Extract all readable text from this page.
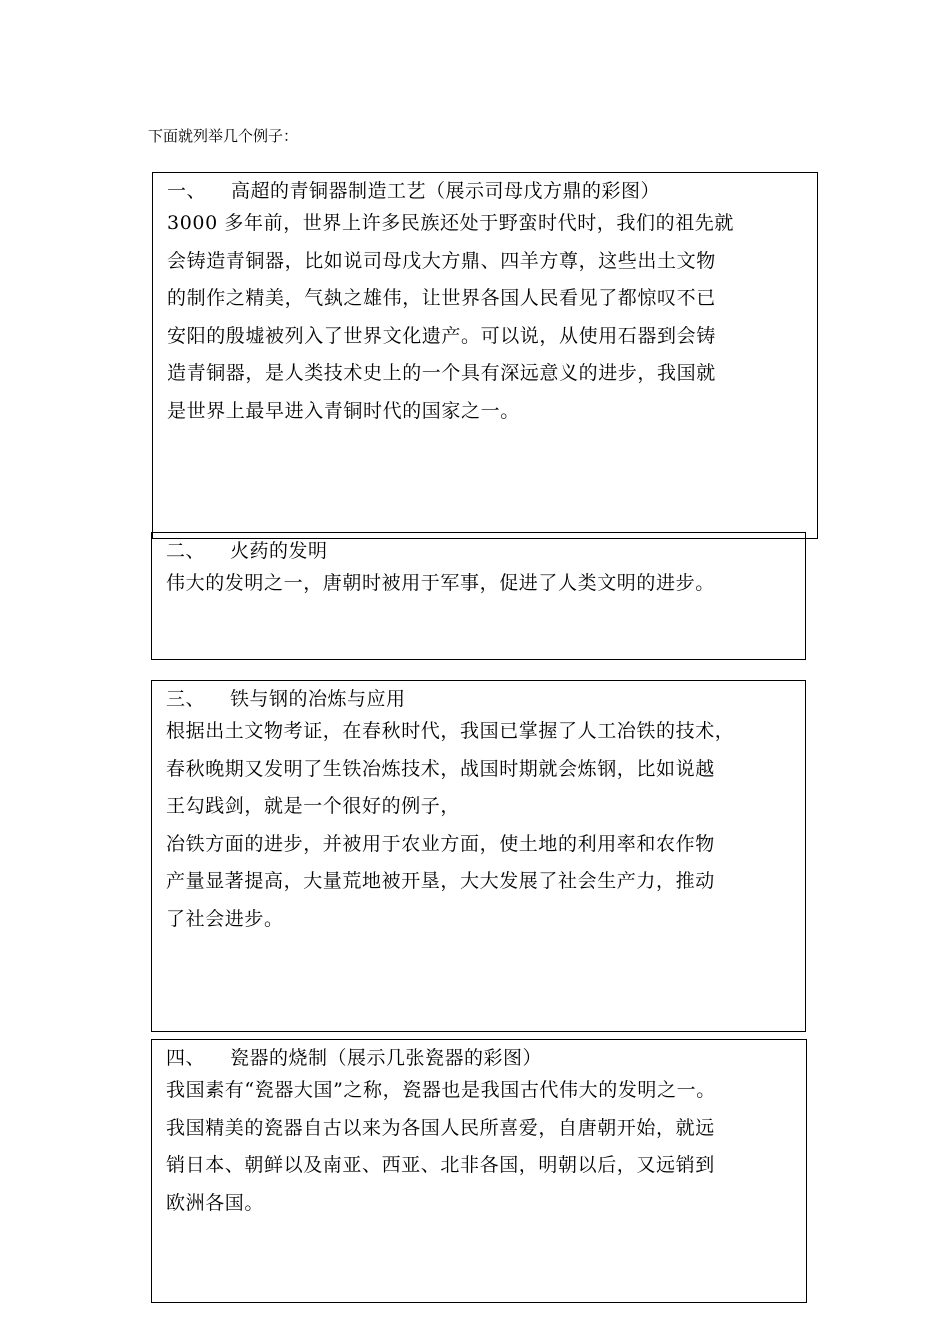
下面就列举几个例子：
一、 高超的青铜器制造工艺（展示司母戊方鼎的彩图）

3000 多年前，世界上许多民族还处于野蛮时代时，我们的祖先就

会铸造青铜器，比如说司母戊大方鼎、四羊方尊，这些出土文物

的制作之精美，气埶之雄伟，让世界各国人民看见了都惊叹不已

安阳的殷墟被列入了世界文化遗产。可以说，从使用石器到会铸

造青铜器，是人类技术史上的一个具有深远意义的进步，我国就

是世界上最早进入青铜时代的国家之一。

二、 火药的发明

伟大的发明之一，唐朝时被用于军事，促进了人类文明的进步。

三、 铁与钢的冶炼与应用

根据出土文物考证，在春秋时代，我国已掌握了人工冶铁的技术，

春秋晚期又发明了生铁冶炼技术，战国时期就会炼钢，比如说越

王勾践剑，就是一个很好的例子，

冶铁方面的进步，并被用于农业方面，使土地的利用率和农作物

产量显著提高，大量荒地被开垦，大大发展了社会生产力，推动

了社会进步。

四、 瓷器的烧制（展示几张瓷器的彩图）

我国素有“瓷器大国”之称，瓷器也是我国古代伟大的发明之一。

我国精美的瓷器自古以来为各国人民所喜爱，自唐朝开始，就远

销日本、朝鲜以及南亚、西亚、北非各国，明朝以后，又远销到

欧洲各国。
